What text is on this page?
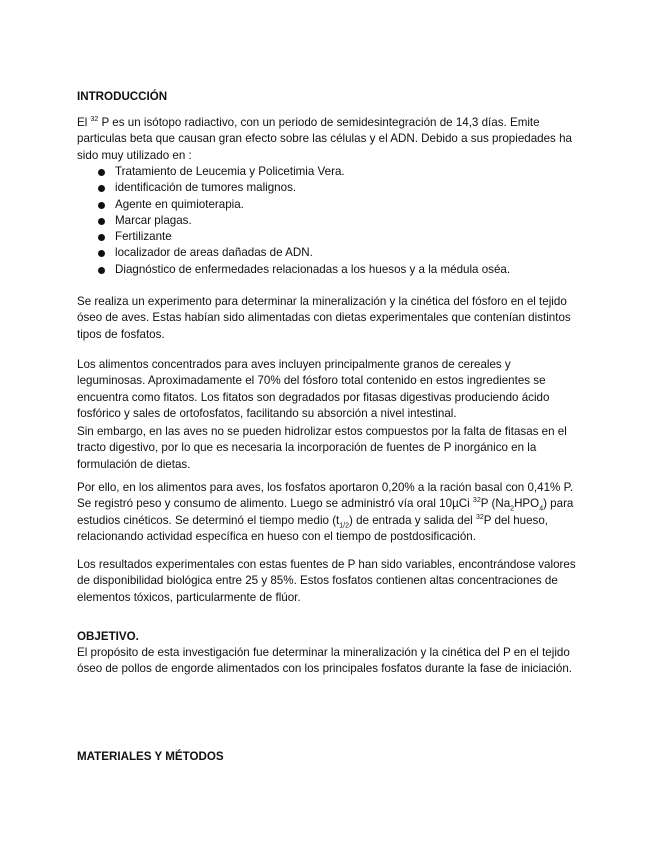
INTRODUCCIÓN

El $^{32}$ P es un isótopo radiactivo, con un periodo de semidesintegración de 14,3 días. Emite particulas beta que causan gran efecto sobre las células y el ADN. Debido a sus propiedades ha sido muy utilizado en :

Tratamiento de Leucemia y Policetimia Vera.
identificación de tumores malignos.
Agente en quimioterapia.
Marcar plagas.
Fertilizante
localizador de areas dañadas de ADN.
Diagnóstico de enfermedades relacionadas a los huesos y a la médula oséa.

Se realiza un experimento para determinar la mineralización y la cinética del fósforo en el tejido óseo de aves. Estas habían sido alimentadas con dietas experimentales que contenían distintos tipos de fosfatos.

Los alimentos concentrados para aves incluyen principalmente granos de cereales y leguminosas. Aproximadamente el 70% del fósforo total contenido en estos ingredientes se encuentra como fitatos. Los fitatos son degradados por fitasas digestivas produciendo ácido fosfórico y sales de ortofosfatos, facilitando su absorción a nivel intestinal.

Sin embargo, en las aves no se pueden hidrolizar estos compuestos por la falta de fitasas en el tracto digestivo, por lo que es necesaria la incorporación de fuentes de P inorgánico en la formulación de dietas.

Por ello, en los alimentos para aves, los fosfatos aportaron 0,20% a la ración basal con 0,41% P. Se registró peso y consumo de alimento. Luego se administró vía oral 10µCi $^{32}$P $(Na_2HPO_4)$ para estudios cinéticos. Se determinó el tiempo medio $(t_{1/2})$ de entrada y salida del $^{32}$P del hueso, relacionando actividad específica en hueso con el tiempo de postdosificación.

Los resultados experimentales con estas fuentes de P han sido variables, encontrándose valores de disponibilidad biológica entre 25 y 85%. Estos fosfatos contienen altas concentraciones de elementos tóxicos, particularmente de flúor.

OBJETIVO.

El propósito de esta investigación fue determinar la mineralización y la cinética del P en el tejido óseo de pollos de engorde alimentados con los principales fosfatos durante la fase de iniciación.

MATERIALES Y MÉTODOS
